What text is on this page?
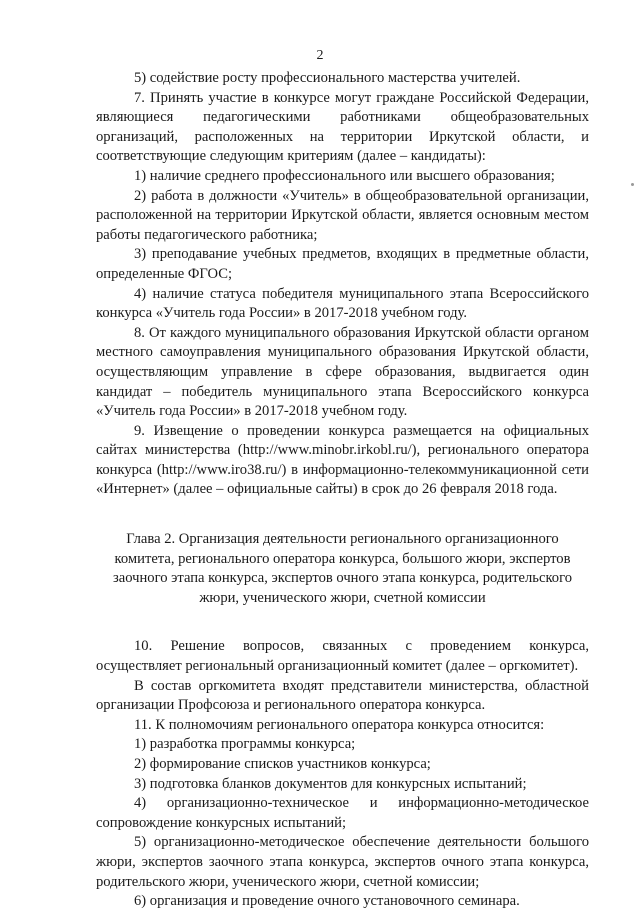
2

5) содействие росту профессионального мастерства учителей.

7. Принять участие в конкурсе могут граждане Российской Федерации, являющиеся педагогическими работниками общеобразовательных организаций, расположенных на территории Иркутской области, и соответствующие следующим критериям (далее – кандидаты):

1) наличие среднего профессионального или высшего образования;

2) работа в должности «Учитель» в общеобразовательной организации, расположенной на территории Иркутской области, является основным местом работы педагогического работника;

3) преподавание учебных предметов, входящих в предметные области, определенные ФГОС;

4) наличие статуса победителя муниципального этапа Всероссийского конкурса «Учитель года России» в 2017-2018 учебном году.

8. От каждого муниципального образования Иркутской области органом местного самоуправления муниципального образования Иркутской области, осуществляющим управление в сфере образования, выдвигается один кандидат – победитель муниципального этапа Всероссийского конкурса «Учитель года России» в 2017-2018 учебном году.

9. Извещение о проведении конкурса размещается на официальных сайтах министерства (http://www.minobr.irkobl.ru/), регионального оператора конкурса (http://www.iro38.ru/) в информационно-телекоммуникационной сети «Интернет» (далее – официальные сайты) в срок до 26 февраля 2018 года.

Глава 2. Организация деятельности регионального организационного
комитета, регионального оператора конкурса, большого жюри, экспертов
заочного этапа конкурса, экспертов очного этапа конкурса, родительского
жюри, ученического жюри, счетной комиссии

10. Решение вопросов, связанных с проведением конкурса, осуществляет региональный организационный комитет (далее – оргкомитет).

В состав оргкомитета входят представители министерства, областной организации Профсоюза и регионального оператора конкурса.

11. К полномочиям регионального оператора конкурса относится:

1) разработка программы конкурса;

2) формирование списков участников конкурса;

3) подготовка бланков документов для конкурсных испытаний;

4) организационно-техническое и информационно-методическое сопровождение конкурсных испытаний;

5) организационно-методическое обеспечение деятельности большого жюри, экспертов заочного этапа конкурса, экспертов очного этапа конкурса, родительского жюри, ученического жюри, счетной комиссии;

6) организация и проведение очного установочного семинара.
